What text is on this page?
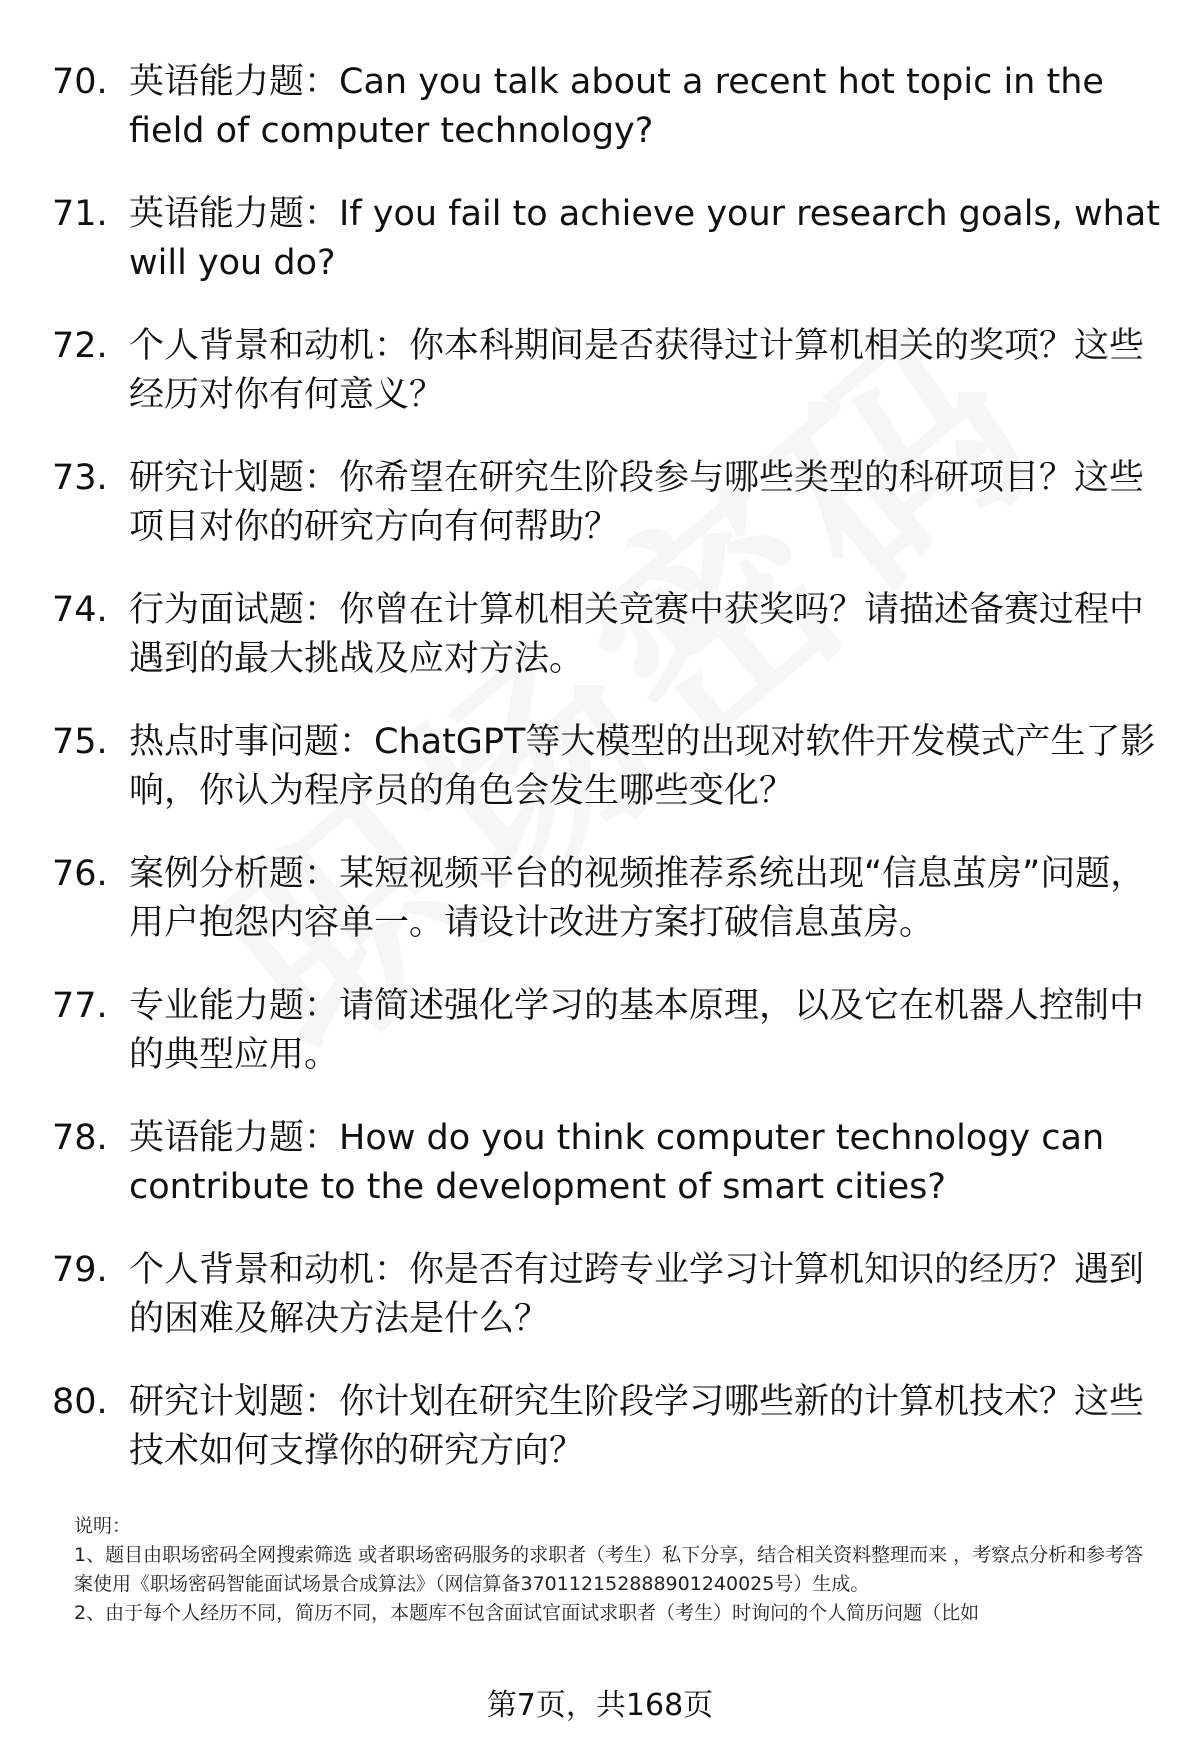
70. 英语能力题：Can you talk about a recent hot topic in the field of computer technology?
71. 英语能力题：If you fail to achieve your research goals, what will you do?
72. 个人背景和动机：你本科期间是否获得过计算机相关的奖项？这些经历对你有何意义？
73. 研究计划题：你希望在研究生阶段参与哪些类型的科研项目？这些项目对你的研究方向有何帮助？
74. 行为面试题：你曾在计算机相关竞赛中获奖吗？请描述备赛过程中遇到的最大挑战及应对方法。
75. 热点时事问题：ChatGPT等大模型的出现对软件开发模式产生了影响，你认为程序员的角色会发生哪些变化？
76. 案例分析题：某短视频平台的视频推荐系统出现“信息茧房”问题，用户抱怨内容单一。请设计改进方案打破信息茧房。
77. 专业能力题：请简述强化学习的基本原理，以及它在机器人控制中的典型应用。
78. 英语能力题：How do you think computer technology can contribute to the development of smart cities?
79. 个人背景和动机：你是否有过跨专业学习计算机知识的经历？遇到的困难及解决方法是什么？
80. 研究计划题：你计划在研究生阶段学习哪些新的计算机技术？这些技术如何支撑你的研究方向？
说明：
1、题目由职场密码全网搜索筛选 或者职场密码服务的求职者（考生）私下分享，结合相关资料整理而来 ，考察点分析和参考答案使用《职场密码智能面试场景合成算法》（网信算备370112152888901240025号）生成。
2、由于每个人经历不同，简历不同，本题库不包含面试官面试求职者（考生）时询问的个人简历问题（比如
第7页，共168页
